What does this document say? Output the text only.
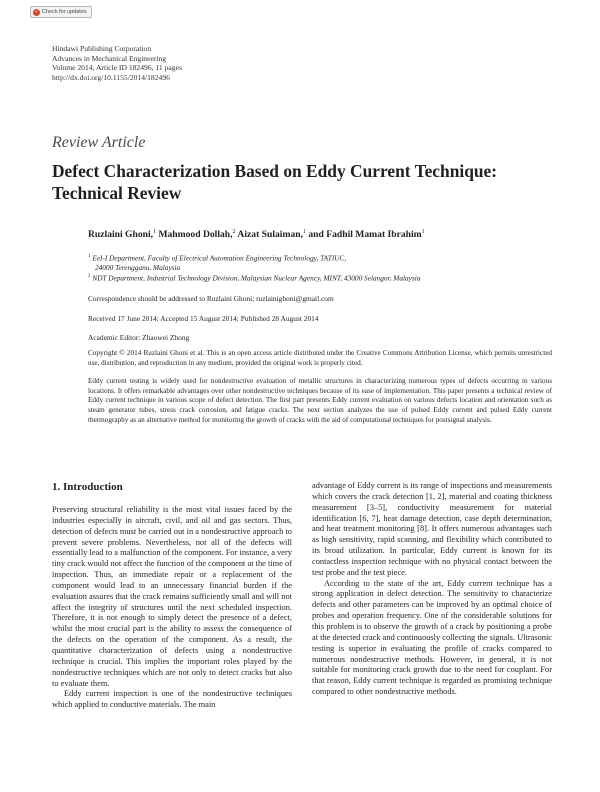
✓ Check for updates
Hindawi Publishing Corporation
Advances in Mechanical Engineering
Volume 2014, Article ID 182496, 11 pages
http://dx.doi.org/10.1155/2014/182496
Review Article
Defect Characterization Based on Eddy Current Technique: Technical Review
Ruzlaini Ghoni,$^1$ Mahmood Dollah,$^2$ Aizat Sulaiman,$^1$ and Fadhil Mamat Ibrahim$^1$
$^1$ EeI-I Department, Faculty of Electrical Automation Engineering Technology, TATIUC,
24000 Terengganu, Malaysia
$^2$ NDT Department, Industrial Technology Division, Malaysian Nuclear Agency, MINT, 43000 Selangor, Malaysia
Correspondence should be addressed to Ruzlaini Ghoni; ruzlainighoni@gmail.com
Received 17 June 2014; Accepted 15 August 2014; Published 28 August 2014
Academic Editor: Zhaowei Zhong
Copyright © 2014 Ruzlaini Ghoni et al. This is an open access article distributed under the Creative Commons Attribution License, which permits unrestricted use, distribution, and reproduction in any medium, provided the original work is properly cited.
Eddy current testing is widely used for nondestructive evaluation of metallic structures in characterizing numerous types of defects occurring in various locations. It offers remarkable advantages over other nondestructive techniques because of its ease of implementation. This paper presents a technical review of Eddy current technique in various scope of defect detection. The first part presents Eddy current evaluation on various defects location and orientation such as steam generator tubes, stress crack corrosion, and fatigue cracks. The next section analyzes the use of pulsed Eddy current and pulsed Eddy current thermography as an alternative method for monitoring the growth of cracks with the aid of computational techniques for postsignal analysis.
1. Introduction

Preserving structural reliability is the most vital issues faced by the industries especially in aircraft, civil, and oil and gas sectors. Thus, detection of defects must be carried out in a nondestructive approach to prevent severe problems. Nevertheless, not all of the defects will essentially lead to a malfunction of the component. For instance, a very tiny crack would not affect the function of the component at the time of inspection. Thus, an immediate repair or a replacement of the component would lead to an unnecessary financial burden if the evaluation assures that the crack remains sufficiently small and will not affect the integrity of structures until the next scheduled inspection. Therefore, it is not enough to simply detect the presence of a defect, whilst the most crucial part is the ability to assess the consequence of the defects on the operation of the component. As a result, the quantitative characterization of defects using a nondestructive technique is crucial. This implies the important roles played by the nondestructive techniques which are not only to detect cracks but also to evaluate them.

Eddy current inspection is one of the nondestructive techniques which applied to conductive materials. The main

advantage of Eddy current is its range of inspections and measurements which covers the crack detection [1, 2], material and coating thickness measurement [3–5], conductivity measurement for material identification [6, 7], heat damage detection, case depth determination, and heat treatment monitoring [8]. It offers numerous advantages such as high sensitivity, rapid scanning, and flexibility which contributed to its broad utilization. In particular, Eddy current is known for its contactless inspection technique with no physical contact between the test probe and the test piece.

According to the state of the art, Eddy current technique has a strong application in defect detection. The sensitivity to characterize defects and other parameters can be improved by an optimal choice of probes and operation frequency. One of the considerable solutions for this problem is to observe the growth of a crack by positioning a probe at the detected crack and continuously collecting the signals. Ultrasonic testing is superior in evaluating the profile of cracks compared to numerous nondestructive methods. However, in general, it is not suitable for monitoring crack growth due to the need for couplant. For that reason, Eddy current technique is regarded as promising technique compared to other nondestructive methods.
